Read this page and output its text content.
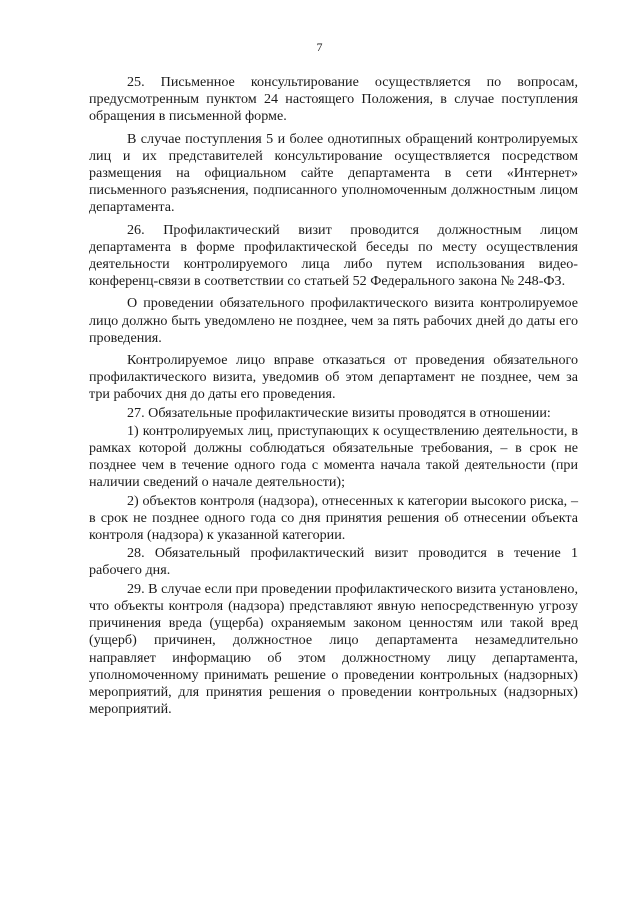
7

25. Письменное консультирование осуществляется по вопросам, предусмотренным пунктом 24 настоящего Положения, в случае поступления обращения в письменной форме.

В случае поступления 5 и более однотипных обращений контролируемых лиц и их представителей консультирование осуществляется посредством размещения на официальном сайте департамента в сети «Интернет» письменного разъяснения, подписанного уполномоченным должностным лицом департамента.

26. Профилактический визит проводится должностным лицом департамента в форме профилактической беседы по месту осуществления деятельности контролируемого лица либо путем использования видео-конференц-связи в соответствии со статьей 52 Федерального закона № 248-ФЗ.

О проведении обязательного профилактического визита контролируемое лицо должно быть уведомлено не позднее, чем за пять рабочих дней до даты его проведения.

Контролируемое лицо вправе отказаться от проведения обязательного профилактического визита, уведомив об этом департамент не позднее, чем за три рабочих дня до даты его проведения.

27. Обязательные профилактические визиты проводятся в отношении:

1) контролируемых лиц, приступающих к осуществлению деятельности, в рамках которой должны соблюдаться обязательные требования, – в срок не позднее чем в течение одного года с момента начала такой деятельности (при наличии сведений о начале деятельности);

2) объектов контроля (надзора), отнесенных к категории высокого риска, – в срок не позднее одного года со дня принятия решения об отнесении объекта контроля (надзора) к указанной категории.

28. Обязательный профилактический визит проводится в течение 1 рабочего дня.

29. В случае если при проведении профилактического визита установлено, что объекты контроля (надзора) представляют явную непосредственную угрозу причинения вреда (ущерба) охраняемым законом ценностям или такой вред (ущерб) причинен, должностное лицо департамента незамедлительно направляет информацию об этом должностному лицу департамента, уполномоченному принимать решение о проведении контрольных (надзорных) мероприятий, для принятия решения о проведении контрольных (надзорных) мероприятий.
